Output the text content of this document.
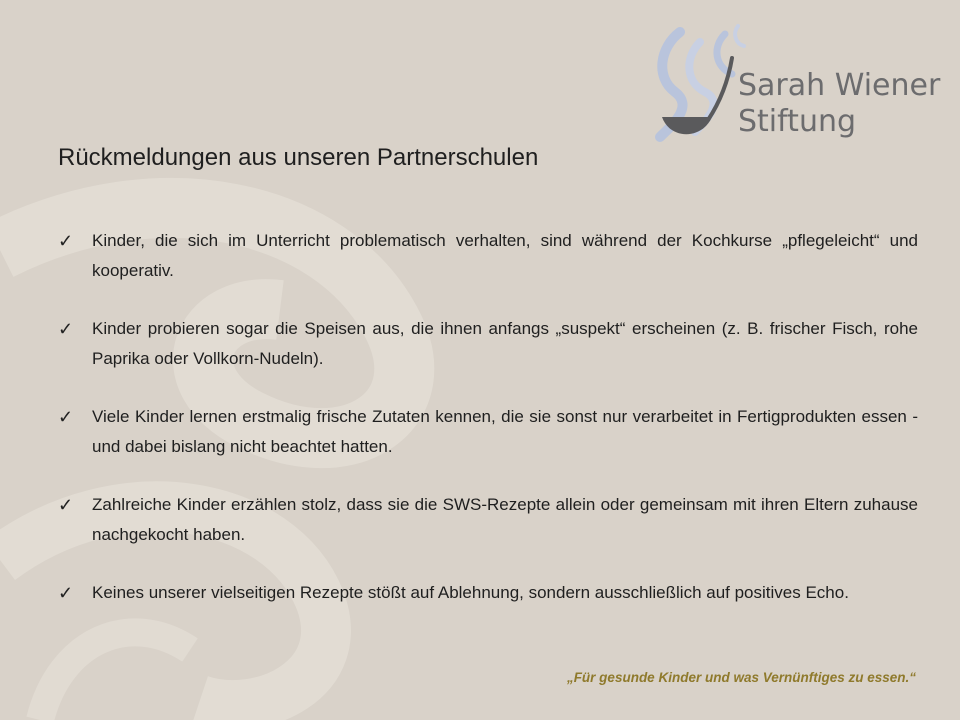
Sarah Wiener
Stiftung
Rückmeldungen aus unseren Partnerschulen
✓	Kinder, die sich im Unterricht problematisch verhalten, sind während der Kochkurse „pflegeleicht“ und kooperativ.
✓	Kinder probieren sogar die Speisen aus, die ihnen anfangs „suspekt“ erscheinen (z. B. frischer Fisch, rohe Paprika oder Vollkorn-Nudeln).
✓	Viele Kinder lernen erstmalig frische Zutaten kennen, die sie sonst nur verarbeitet in Fertigprodukten essen - und dabei bislang nicht beachtet hatten.
✓	Zahlreiche Kinder erzählen stolz, dass sie die SWS-Rezepte allein oder gemeinsam mit ihren Eltern zuhause nachgekocht haben.
✓	Keines unserer vielseitigen Rezepte stößt auf Ablehnung, sondern ausschließlich auf positives Echo.
„Für gesunde Kinder und was Vernünftiges zu essen.“
